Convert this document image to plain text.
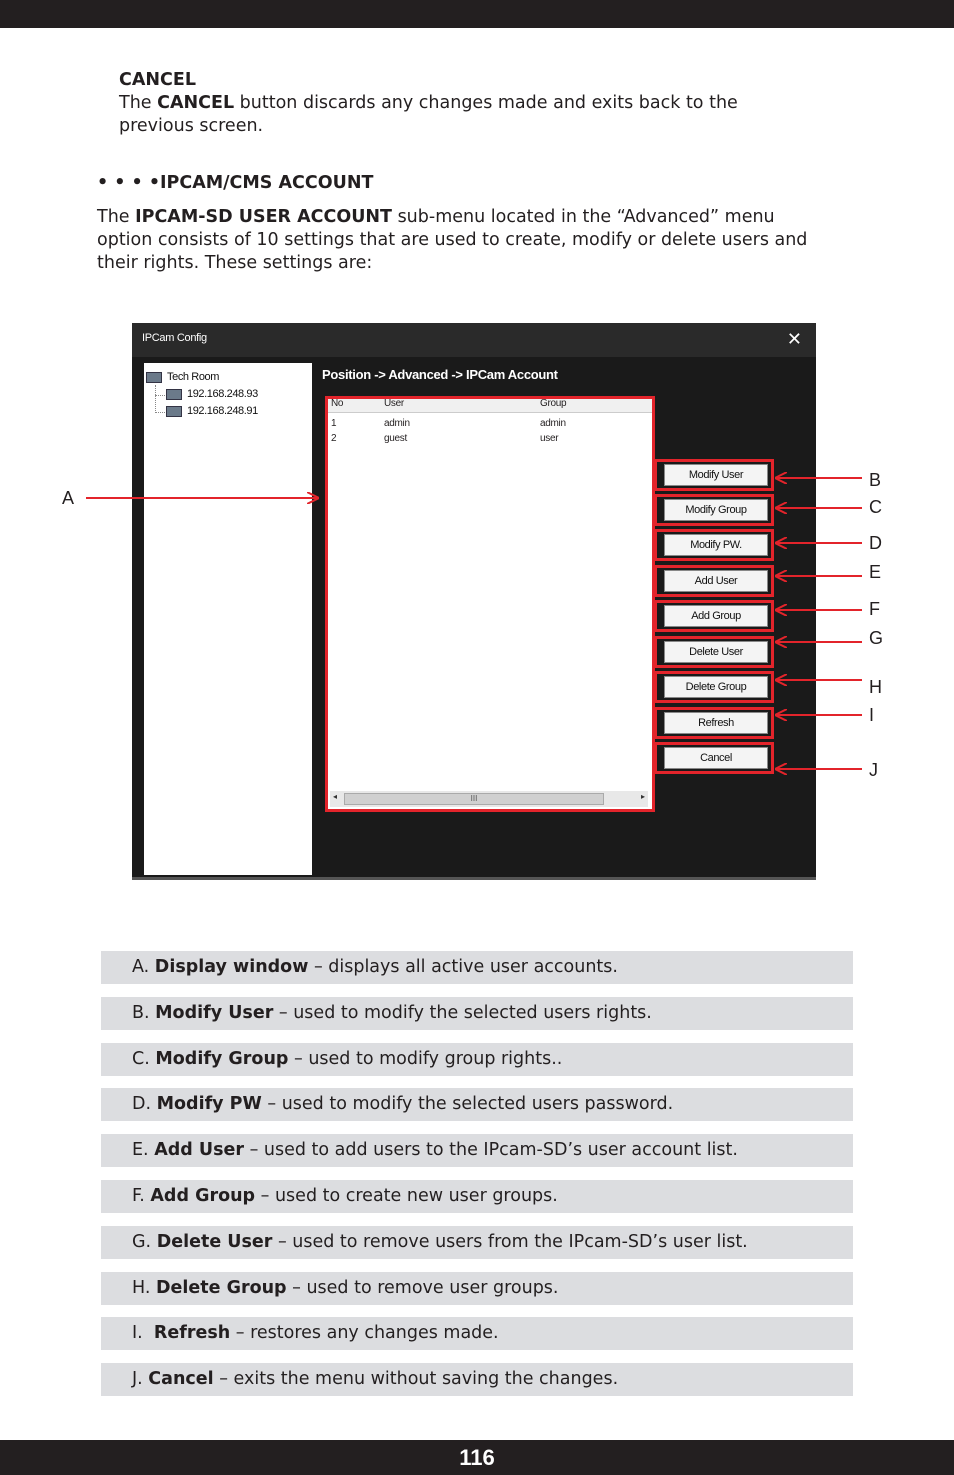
CANCEL
The CANCEL button discards any changes made and exits back to the
previous screen.
• • • •IPCAM/CMS ACCOUNT
The IPCAM-SD USER ACCOUNT sub-menu located in the “Advanced” menu
option consists of 10 settings that are used to create, modify or delete users and
their rights. These settings are:
IPCam Config	✕
Tech Room
192.168.248.93
192.168.248.91
Position -> Advanced -> IPCam Account
No	User	Group
1	admin	admin
2	guest	user
◂	III	▸
Modify User
Modify Group
Modify PW.
Add User
Add Group
Delete User
Delete Group
Refresh
Cancel
A
B
C
D
E
F
G
H
I
J
A. Display window – displays all active user accounts.
B. Modify User – used to modify the selected users rights.
C. Modify Group – used to modify group rights..
D. Modify PW – used to modify the selected users password.
E. Add User – used to add users to the IPcam-SD’s user account list.
F. Add Group – used to create new user groups.
G. Delete User – used to remove users from the IPcam-SD’s user list.
H. Delete Group – used to remove user groups.
I.  Refresh – restores any changes made.
J. Cancel – exits the menu without saving the changes.
116
